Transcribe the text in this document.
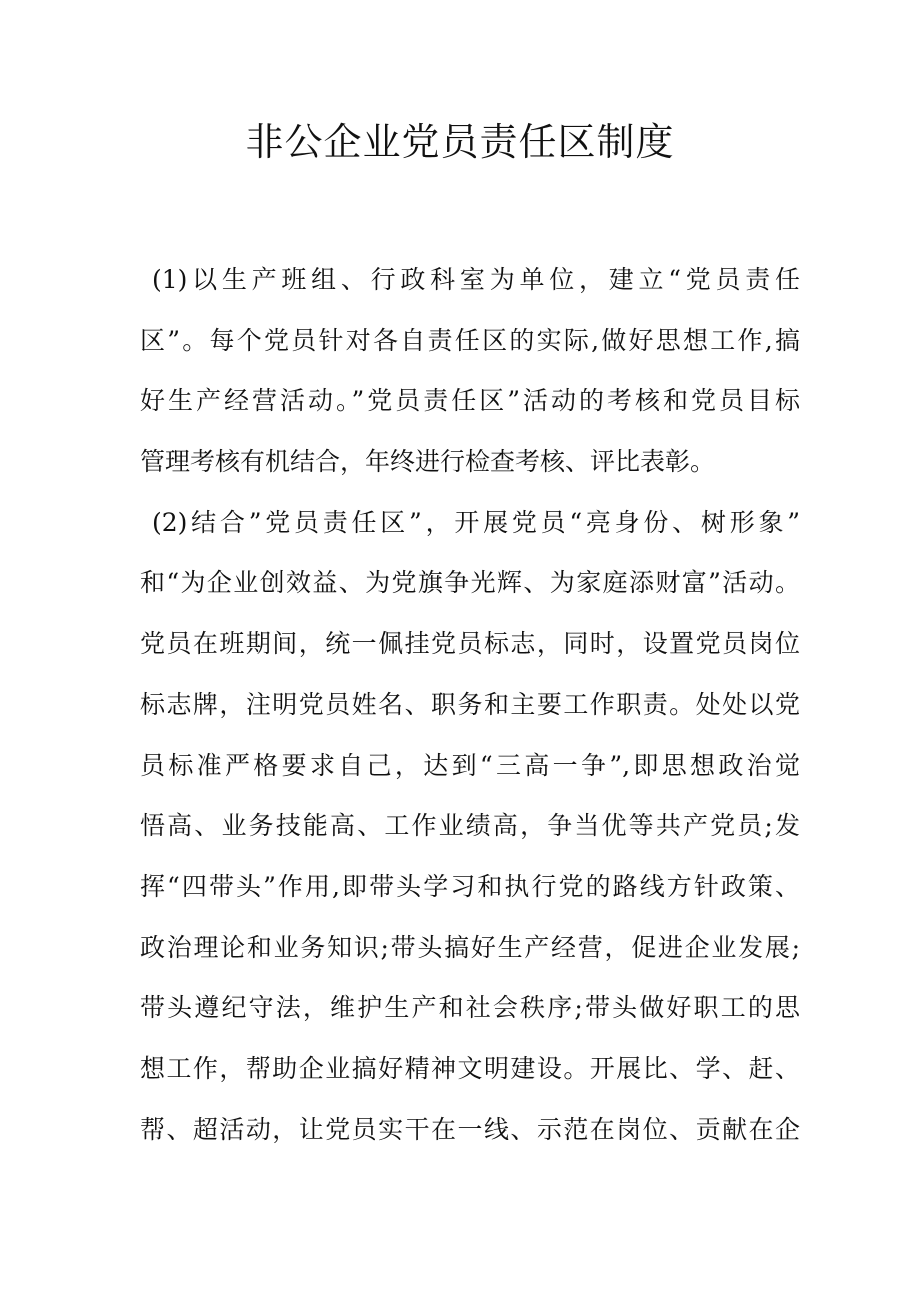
非公企业党员责任区制度
(1)以生产班组、行政科室为单位，建立“党员责任
区”。每个党员针对各自责任区的实际,做好思想工作,搞
好生产经营活动。”党员责任区”活动的考核和党员目标
管理考核有机结合，年终进行检查考核、评比表彰。
(2)结合”党员责任区”，开展党员“亮身份、树形象”
和“为企业创效益、为党旗争光辉、为家庭添财富”活动。
党员在班期间，统一佩挂党员标志，同时，设置党员岗位
标志牌，注明党员姓名、职务和主要工作职责。处处以党
员标准严格要求自己，达到“三高一争”,即思想政治觉
悟高、业务技能高、工作业绩高，争当优等共产党员;发
挥“四带头”作用,即带头学习和执行党的路线方针政策、
政治理论和业务知识;带头搞好生产经营，促进企业发展;
带头遵纪守法，维护生产和社会秩序;带头做好职工的思
想工作，帮助企业搞好精神文明建设。开展比、学、赶、
帮、超活动，让党员实干在一线、示范在岗位、贡献在企
